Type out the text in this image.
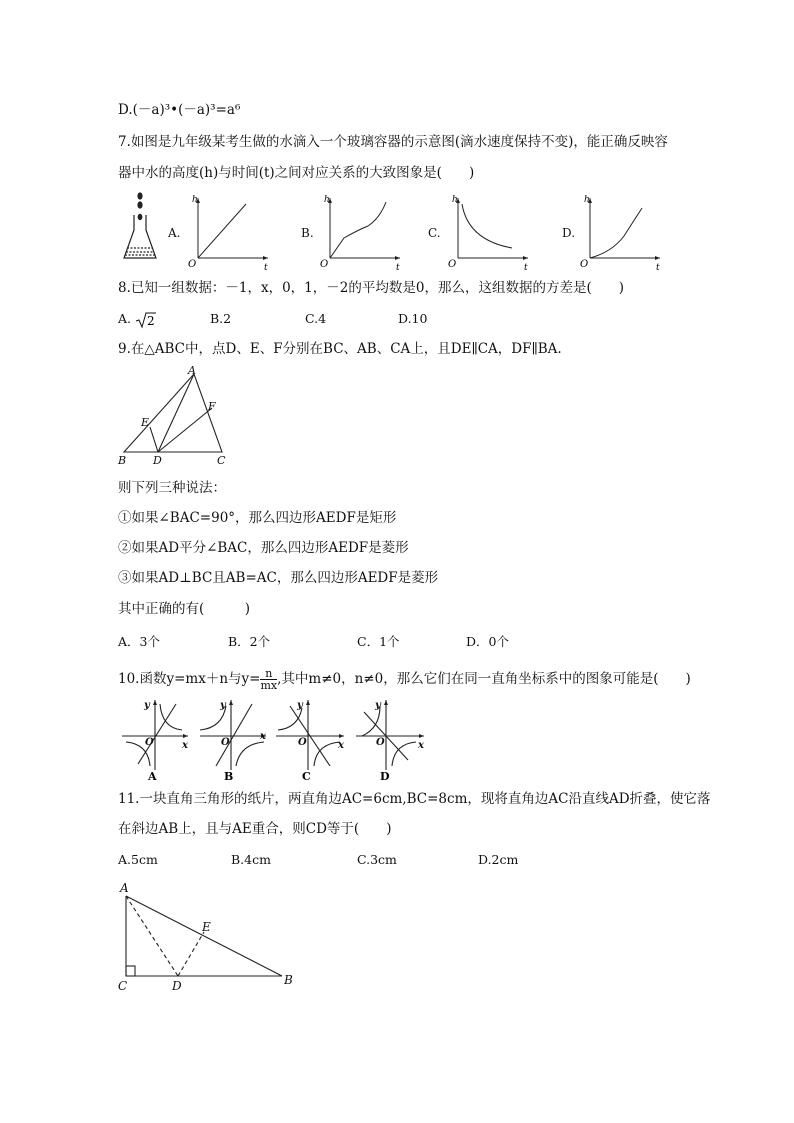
D.(－a)³•(－a)³=a⁶
7.如图是九年级某考生做的水滴入一个玻璃容器的示意图(滴水速度保持不变)，能正确反映容
器中水的高度(h)与时间(t)之间对应关系的大致图象是(　　)
A.
h
t
O
B.
h
t
O
C.
h
t
O
D.
h
t
O
8.已知一组数据：－1，x，0，1，－2的平均数是0，那么，这组数据的方差是(　　)
A. 2	B.2	C.4	D.10
9.在△ABC中，点D、E、F分别在BC、AB、CA上，且DE∥CA，DF∥BA.
A
E
F
B D	C
则下列三种说法：
①如果∠BAC=90°，那么四边形AEDF是矩形
②如果AD平分∠BAC，那么四边形AEDF是菱形
③如果AD⊥BC且AB=AC，那么四边形AEDF是菱形
其中正确的有(　　　)
A．3个	B．2个	C．1个	D．0个
10.函数y=mx＋n与$y= \frac{n}{mx}$ ,其中m≠0，n≠0，那么它们在同一直角坐标系中的图象可能是(　　)
y
x
O
A
y
x
O
B
y
x
O
C
y
x
O
D
11.一块直角三角形的纸片，两直角边AC=6cm,BC=8cm，现将直角边AC沿直线AD折叠，使它落
在斜边AB上，且与AE重合，则CD等于(　　)
A.5cm	B.4cm	C.3cm	D.2cm
A
E
C	D	B
